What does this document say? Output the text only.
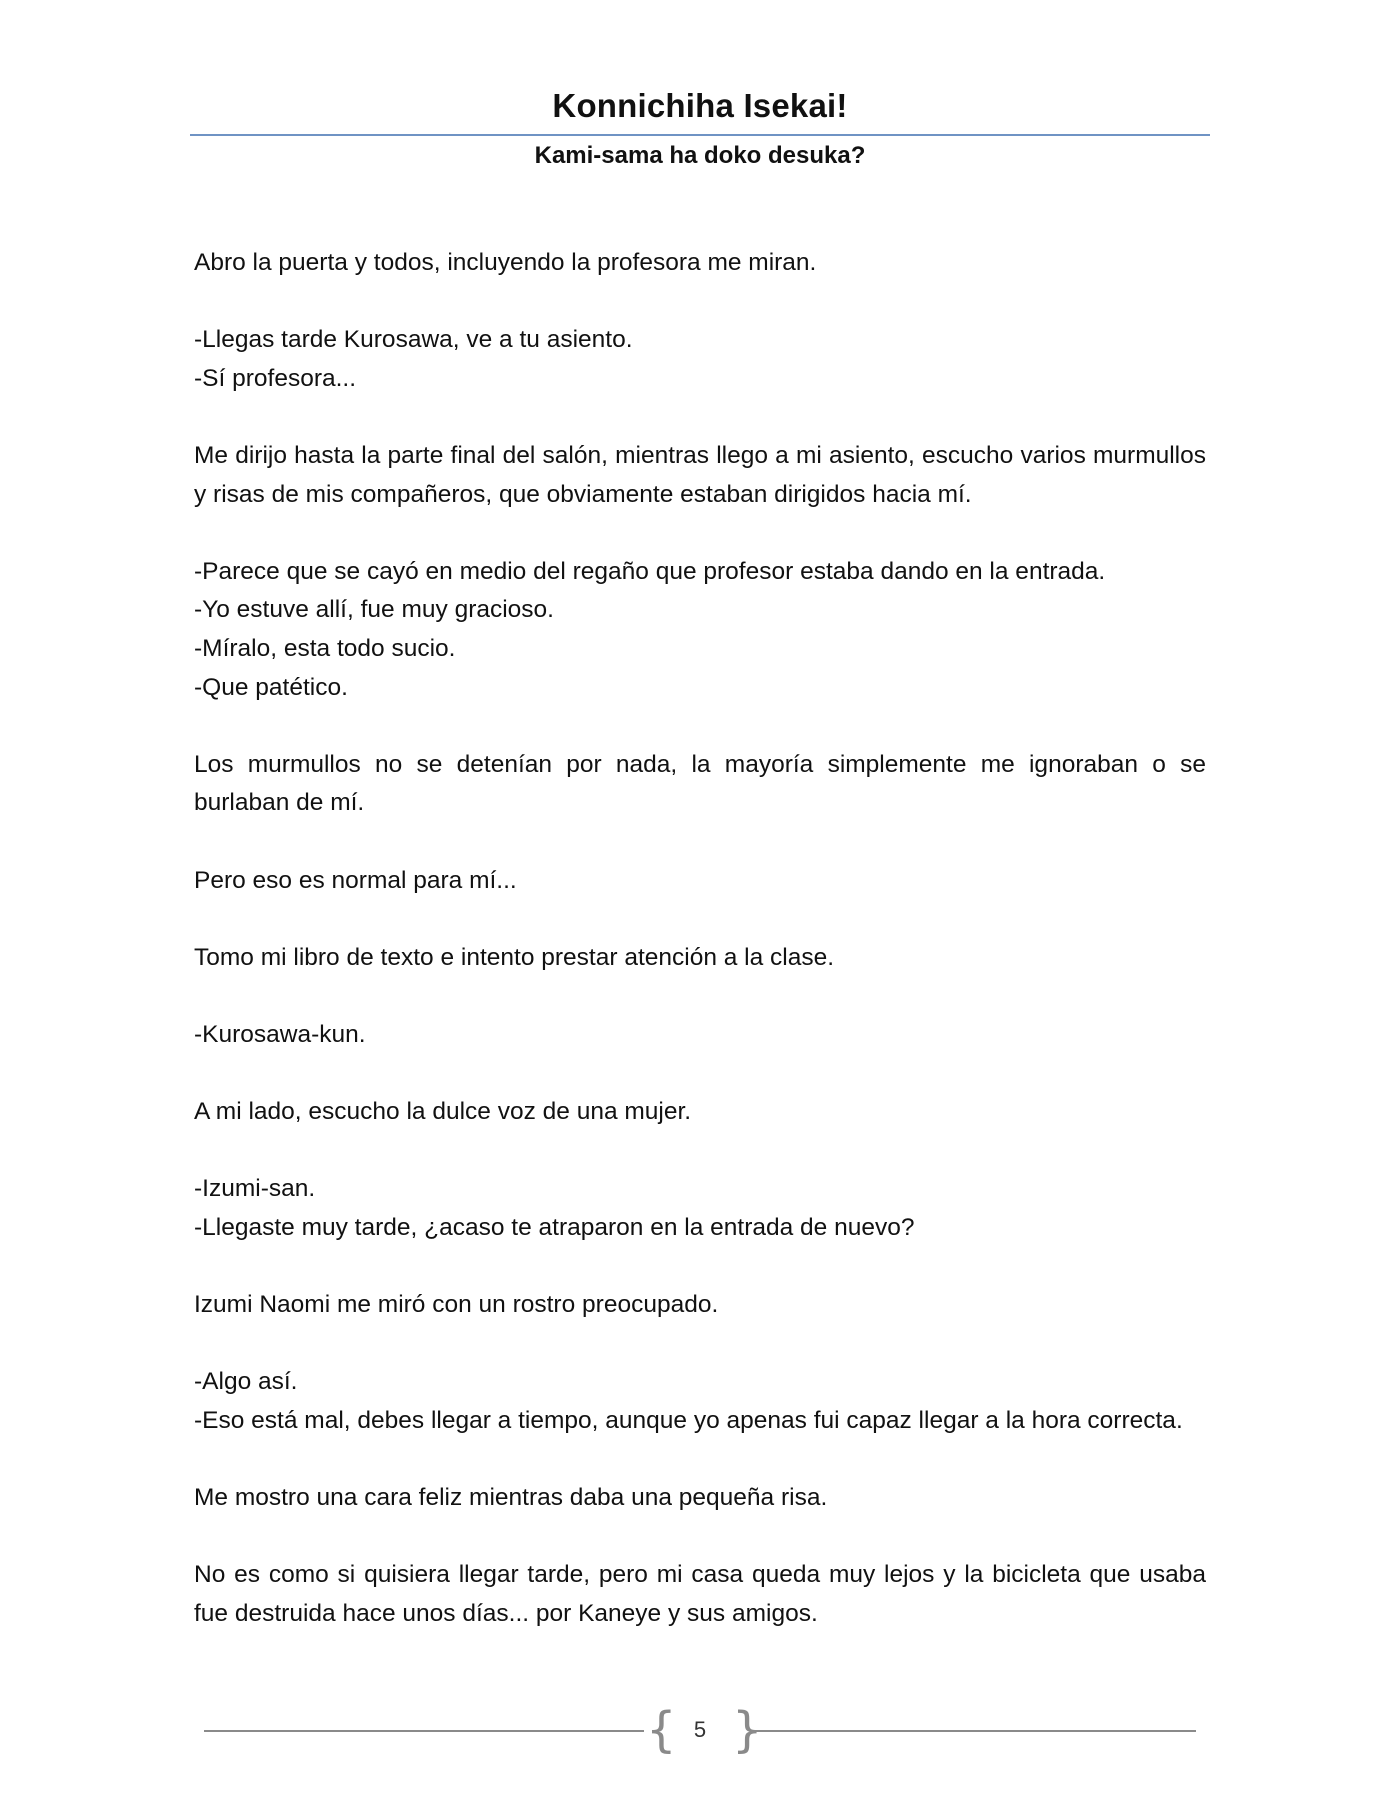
Konnichiha Isekai!
Kami-sama ha doko desuka?

Abro la puerta y todos, incluyendo la profesora me miran.

-Llegas tarde Kurosawa, ve a tu asiento.
-Sí profesora...

Me dirijo hasta la parte final del salón, mientras llego a mi asiento, escucho varios murmullos y risas de mis compañeros, que obviamente estaban dirigidos hacia mí.

-Parece que se cayó en medio del regaño que profesor estaba dando en la entrada.
-Yo estuve allí, fue muy gracioso.
-Míralo, esta todo sucio.
-Que patético.

Los murmullos no se detenían por nada, la mayoría simplemente me ignoraban o se burlaban de mí.

Pero eso es normal para mí...

Tomo mi libro de texto e intento prestar atención a la clase.

-Kurosawa-kun.

A mi lado, escucho la dulce voz de una mujer.

-Izumi-san.
-Llegaste muy tarde, ¿acaso te atraparon en la entrada de nuevo?

Izumi Naomi me miró con un rostro preocupado.

-Algo así.
-Eso está mal, debes llegar a tiempo, aunque yo apenas fui capaz llegar a la hora correcta.

Me mostro una cara feliz mientras daba una pequeña risa.

No es como si quisiera llegar tarde, pero mi casa queda muy lejos y la bicicleta que usaba fue destruida hace unos días... por Kaneye y sus amigos.

{ 5 }
